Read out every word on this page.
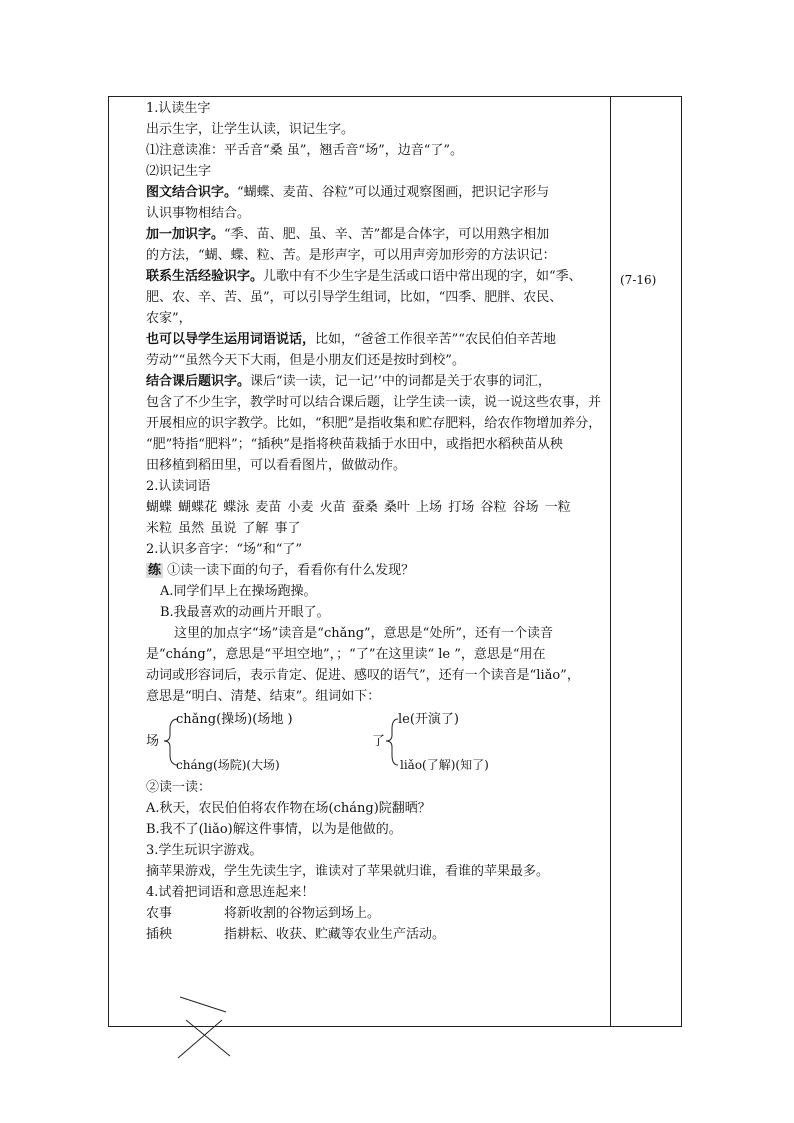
(7-16)
1.认读生字
出示生字，让学生认读，识记生字。
⑴注意读准：平舌音“桑 虽”，翘舌音“场”，边音“了”。
⑵识记生字
图文结合识字。“蝴蝶、麦苗、谷粒”可以通过观察图画，把识记字形与
认识事物相结合。
加一加识字。“季、苗、肥、虽、辛、苦”都是合体字，可以用熟字相加
的方法，“蝴、蝶、粒、苦。是形声字，可以用声旁加形旁的方法识记：
联系生活经验识字。儿歌中有不少生字是生活或口语中常出现的字，如“季、
肥、农、辛、苦、虽”，可以引导学生组词，比如，“四季、肥胖、农民、
农家”，
也可以导学生运用词语说话，比如，“爸爸工作很辛苦”“农民伯伯辛苦地
劳动”“虽然今天下大雨，但是小朋友们还是按时到校”。
结合课后题识字。课后“读一读，记一记’’中的词都是关于农事的词汇，
包含了不少生字，教学时可以结合课后题，让学生读一读，说一说这些农事，并
开展相应的识字教学。比如，“积肥”是指收集和贮存肥料，给农作物增加养分，
“肥”特指“肥料”；“插秧”是指将秧苗栽插于水田中，或指把水稻秧苗从秧
田移植到稻田里，可以看看图片，做做动作。
2.认读词语
蝴蝶 蝴蝶花 蝶泳 麦苗 小麦 火苗 蚕桑 桑叶 上场 打场 谷粒 谷场 一粒
米粒 虽然 虽说 了解 事了
2.认识多音字：“场”和“了”
练 ①读一读下面的句子，看看你有什么发现？
A.同学们早上在操场跑操。
B.我最喜欢的动画片开眼了。
这里的加点字“场”读音是“chǎng”，意思是“处所”，还有一个读音
是“cháng”，意思是“平坦空地”，；“了”在这里读“ le ”，意思是“用在
动词或形容词后，表示肯定、促进、感叹的语气”，还有一个读音是“liǎo”，
意思是“明白、清楚、结束”。组词如下：
场
chǎng(操场)(场地 )
cháng(场院)(大场)
了
le(开演了)
liǎo(了解)(知了)
②读一读：
A.秋天，农民伯伯将农作物在场(cháng)院翻晒？
B.我不了(liǎo)解这件事情，以为是他做的。
3.学生玩识字游戏。
摘苹果游戏，学生先读生字，谁读对了苹果就归谁，看谁的苹果最多。
4.试着把词语和意思连起来！
农事	将新收割的谷物运到场上。
插秧	指耕耘、收获、贮藏等农业生产活动。
